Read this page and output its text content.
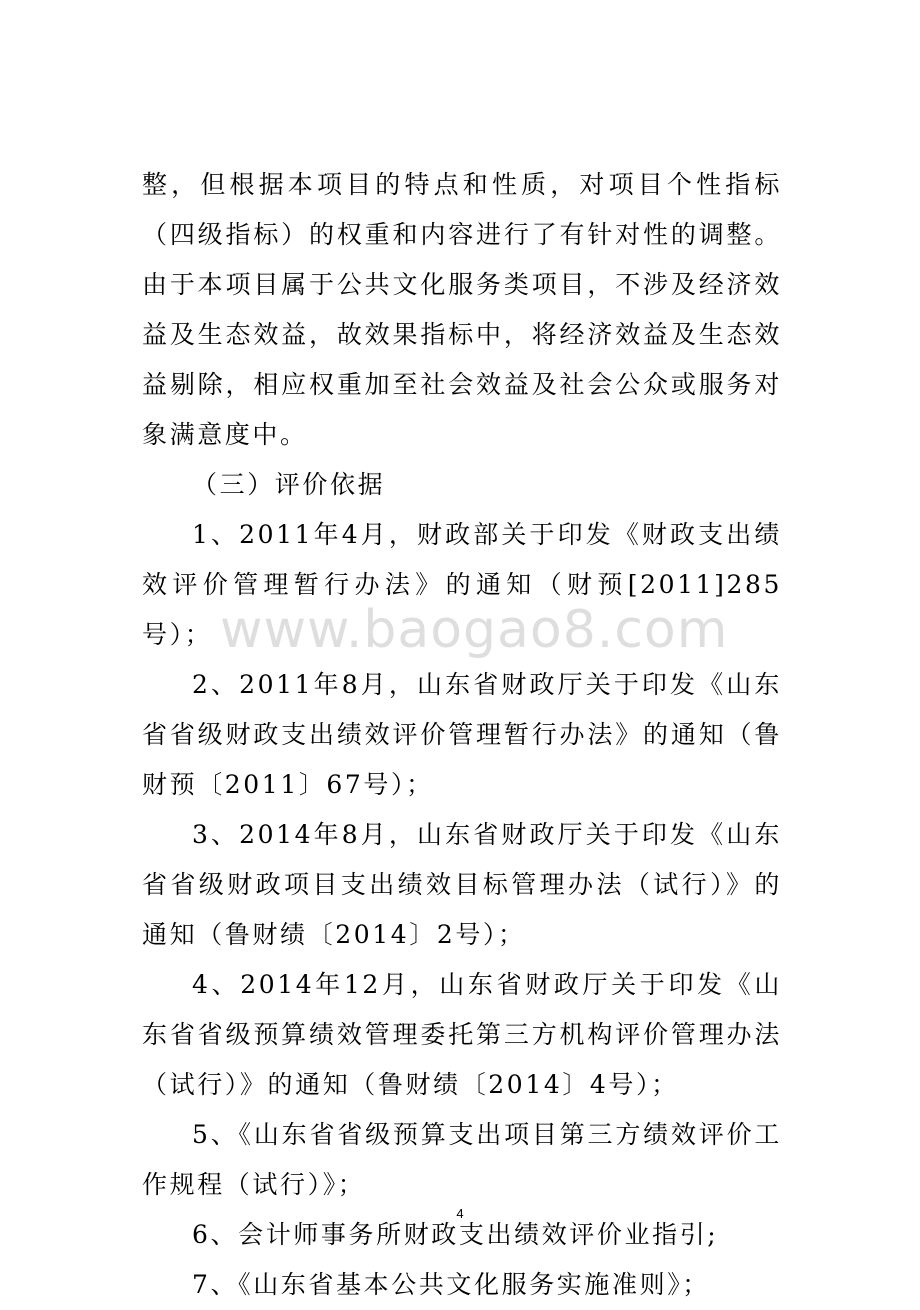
整，但根据本项目的特点和性质，对项目个性指标（四级指标）的权重和内容进行了有针对性的调整。由于本项目属于公共文化服务类项目，不涉及经济效益及生态效益，故效果指标中，将经济效益及生态效益剔除，相应权重加至社会效益及社会公众或服务对象满意度中。

（三）评价依据

1、2011年4月，财政部关于印发《财政支出绩效评价管理暂行办法》的通知（财预[2011]285号）；

2、2011年8月，山东省财政厅关于印发《山东省省级财政支出绩效评价管理暂行办法》的通知（鲁财预〔2011〕67号）；

3、2014年8月，山东省财政厅关于印发《山东省省级财政项目支出绩效目标管理办法（试行）》的通知（鲁财绩〔2014〕2号）；

4、2014年12月，山东省财政厅关于印发《山东省省级预算绩效管理委托第三方机构评价管理办法（试行）》的通知（鲁财绩〔2014〕4号）；

5、《山东省省级预算支出项目第三方绩效评价工作规程（试行）》；

6、会计师事务所财政支出绩效评价业指引;

7、《山东省基本公共文化服务实施准则》；

www.baogao8.com
4
